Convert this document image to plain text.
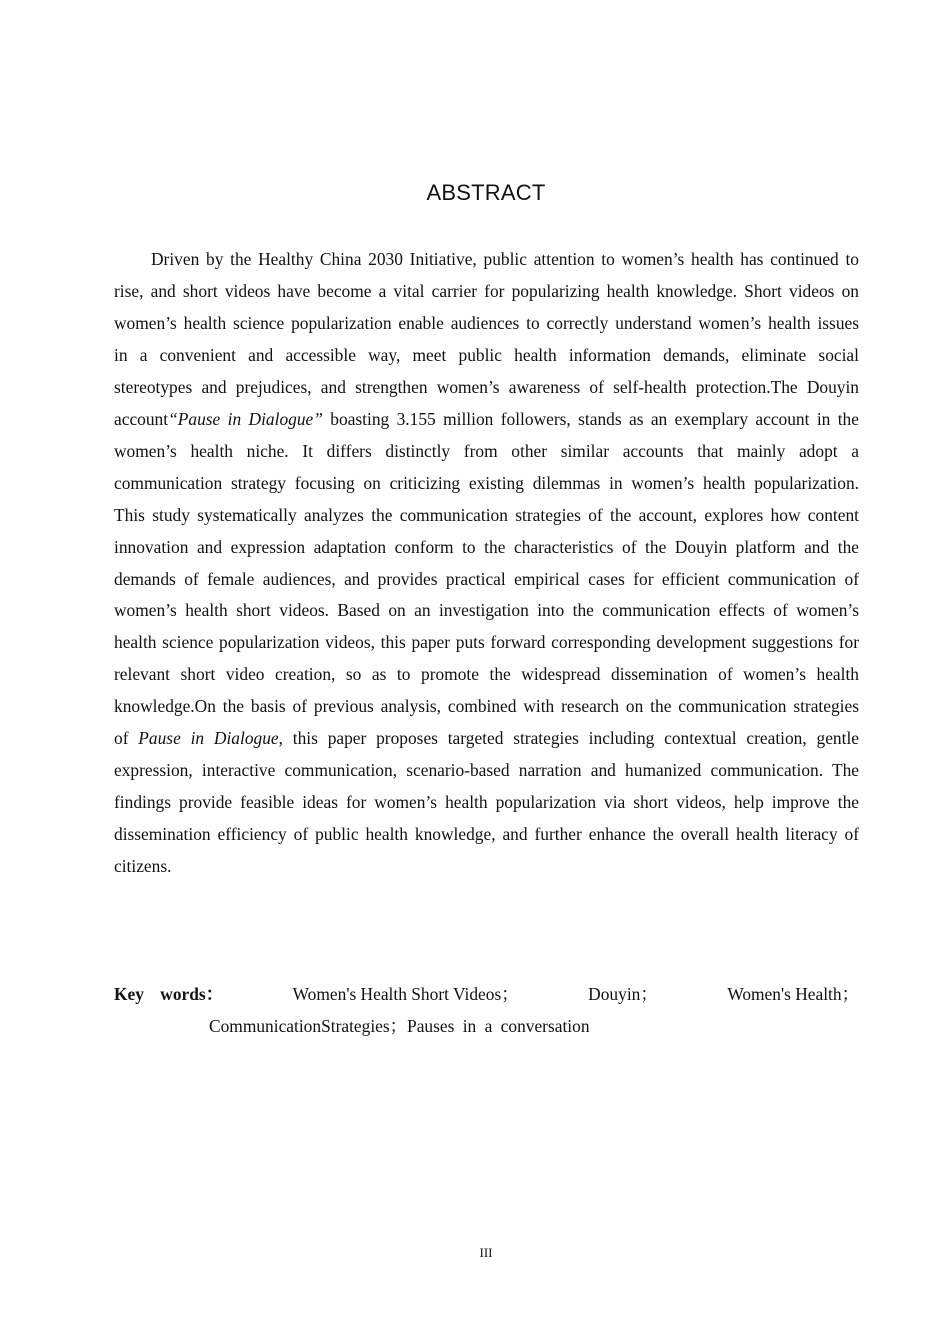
ABSTRACT

Driven by the Healthy China 2030 Initiative, public attention to women’s health has continued to rise, and short videos have become a vital carrier for popularizing health knowledge. Short videos on women’s health science popularization enable audiences to correctly understand women’s health issues in a convenient and accessible way, meet public health information demands, eliminate social stereotypes and prejudices, and strengthen women’s awareness of self-health protection.The Douyin account“Pause in Dialogue” boasting 3.155 million followers, stands as an exemplary account in the women’s health niche. It differs distinctly from other similar accounts that mainly adopt a communication strategy focusing on criticizing existing dilemmas in women’s health popularization. This study systematically analyzes the communication strategies of the account, explores how content innovation and expression adaptation conform to the characteristics of the Douyin platform and the demands of female audiences, and provides practical empirical cases for efficient communication of women’s health short videos. Based on an investigation into the communication effects of women’s health science popularization videos, this paper puts forward corresponding development suggestions for relevant short video creation, so as to promote the widespread dissemination of women’s health knowledge.On the basis of previous analysis, combined with research on the communication strategies of Pause in Dialogue, this paper proposes targeted strategies including contextual creation, gentle expression, interactive communication, scenario-based narration and humanized communication. The findings provide feasible ideas for women’s health popularization via short videos, help improve the dissemination efficiency of public health knowledge, and further enhance the overall health literacy of citizens.

Key words：	Women's Health Short Videos；	Douyin；	Women's Health；
CommunicationStrategies；Pauses in a conversation
III
